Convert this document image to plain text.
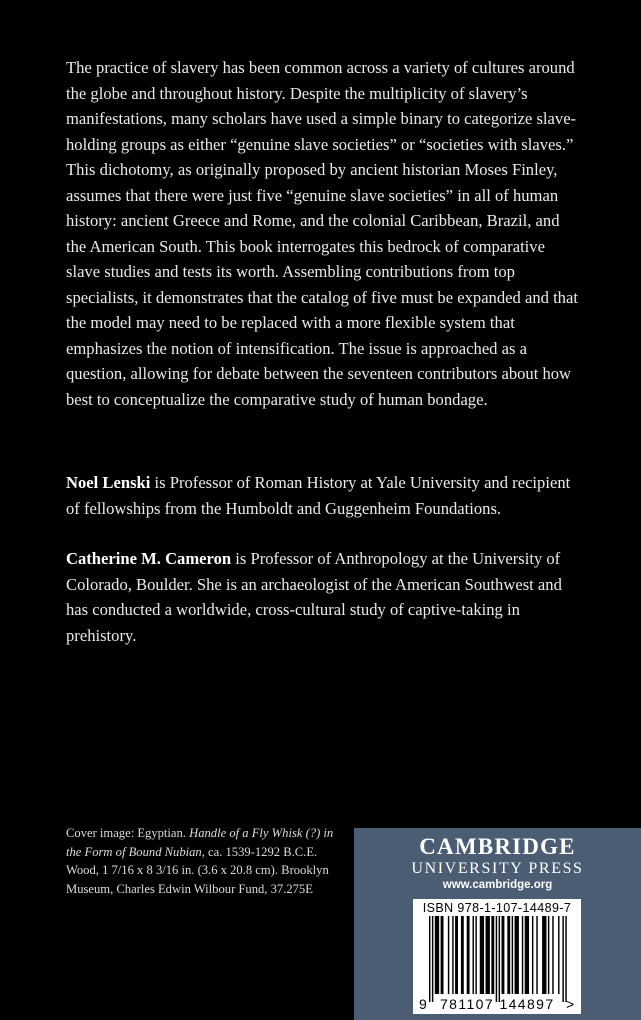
The practice of slavery has been common across a variety of cultures around the globe and throughout history. Despite the multiplicity of slavery’s manifestations, many scholars have used a simple binary to categorize slave-holding groups as either “genuine slave societies” or “societies with slaves.” This dichotomy, as originally proposed by ancient historian Moses Finley, assumes that there were just five “genuine slave societies” in all of human history: ancient Greece and Rome, and the colonial Caribbean, Brazil, and the American South. This book interrogates this bedrock of comparative slave studies and tests its worth. Assembling contributions from top specialists, it demonstrates that the catalog of five must be expanded and that the model may need to be replaced with a more flexible system that emphasizes the notion of intensification. The issue is approached as a question, allowing for debate between the seventeen contributors about how best to conceptualize the comparative study of human bondage.

Noel Lenski is Professor of Roman History at Yale University and recipient of fellowships from the Humboldt and Guggenheim Foundations.

Catherine M. Cameron is Professor of Anthropology at the University of Colorado, Boulder. She is an archaeologist of the American Southwest and has conducted a worldwide, cross-cultural study of captive-taking in prehistory.

Cover image: Egyptian. Handle of a Fly Whisk (?) in the Form of Bound Nubian, ca. 1539-1292 B.C.E. Wood, 1 7/16 x 8 3/16 in. (3.6 x 20.8 cm). Brooklyn Museum, Charles Edwin Wilbour Fund, 37.275E

CAMBRIDGE
UNIVERSITY PRESS
www.cambridge.org
ISBN 978-1-107-14489-7
9 781107 144897 >
